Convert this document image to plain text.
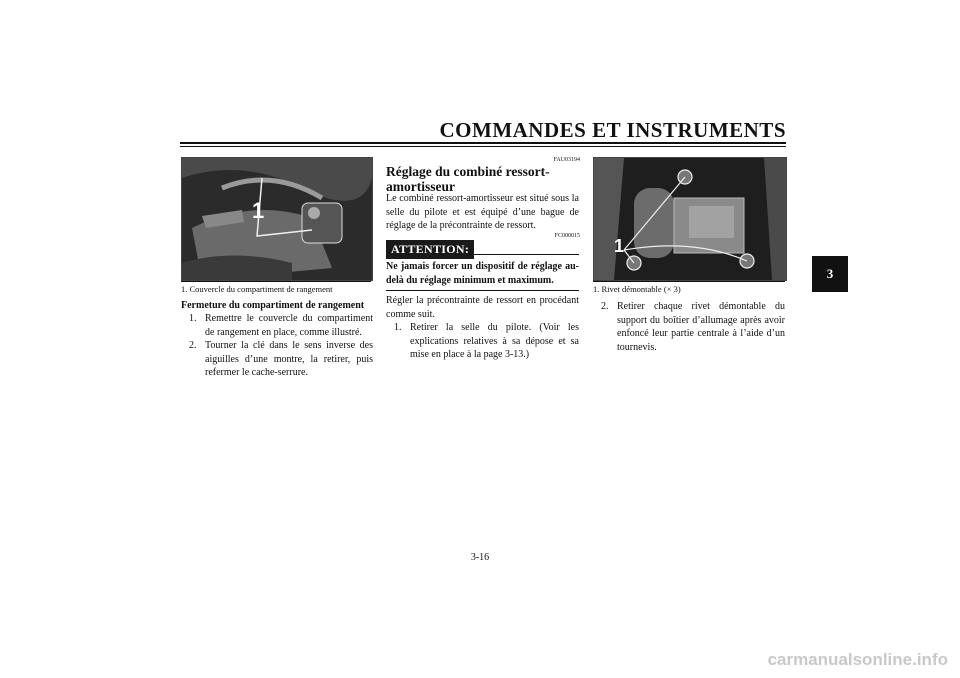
COMMANDES ET INSTRUMENTS
3
1
1. Couvercle du compartiment de rangement
Fermeture du compartiment de rangement
1. Remettre le couvercle du compartiment de rangement en place, comme illustré.
2. Tourner la clé dans le sens inverse des aiguilles d’une montre, la retirer, puis refermer le cache-serrure.
FAU03194
Réglage du combiné ressort-
amortisseur
Le combiné ressort-amortisseur est situé sous la selle du pilote et est équipé d’une bague de réglage de la précontrainte de ressort.
FC000015
ATTENTION:
Ne jamais forcer un dispositif de réglage au-delà du réglage minimum et maximum.
Régler la précontrainte de ressort en procédant comme suit.
1. Retirer la selle du pilote. (Voir les explications relatives à sa dépose et sa mise en place à la page 3-13.)
1
1. Rivet démontable (× 3)
2. Retirer chaque rivet démontable du support du boîtier d’allumage après avoir enfoncé leur partie centrale à l’aide d’un tournevis.
3-16
carmanualsonline.info
